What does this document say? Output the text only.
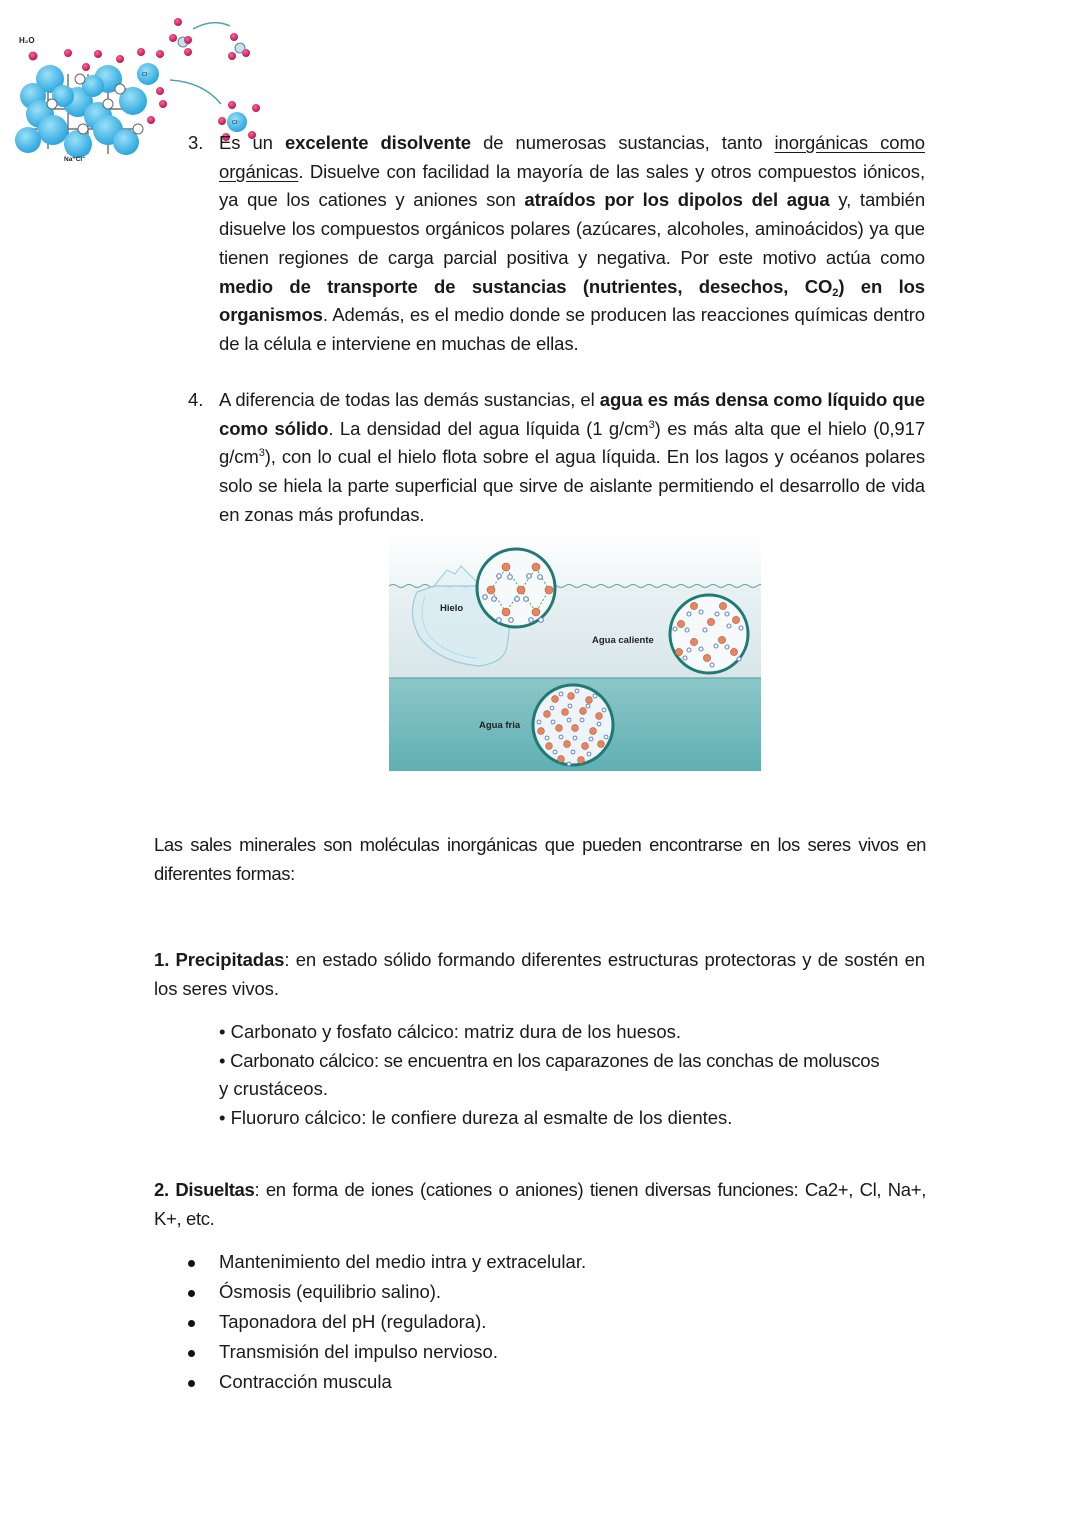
H₂O
Na⁺Cl⁻
Cl⁻
Cl⁻
3. Es un excelente disolvente de numerosas sustancias, tanto inorgánicas como orgánicas. Disuelve con facilidad la mayoría de las sales y otros compuestos iónicos, ya que los cationes y aniones son atraídos por los dipolos del agua y, también disuelve los compuestos orgánicos polares (azúcares, alcoholes, aminoácidos) ya que tienen regiones de carga parcial positiva y negativa. Por este motivo actúa como medio de transporte de sustancias (nutrientes, desechos, $CO_2$) en los organismos. Además, es el medio donde se producen las reacciones químicas dentro de la célula e interviene en muchas de ellas.
4. A diferencia de todas las demás sustancias, el agua es más densa como líquido que como sólido. La densidad del agua líquida (1 $g/cm^3$) es más alta que el hielo (0,917 $g/cm^3$), con lo cual el hielo flota sobre el agua líquida. En los lagos y océanos polares solo se hiela la parte superficial que sirve de aislante permitiendo el desarrollo de vida en zonas más profundas.
Hielo
Agua caliente
Agua fria
Las sales minerales son moléculas inorgánicas que pueden encontrarse en los seres vivos en diferentes formas:
1. Precipitadas: en estado sólido formando diferentes estructuras protectoras y de sostén en los seres vivos.
• Carbonato y fosfato cálcico: matriz dura de los huesos.
• Carbonato cálcico: se encuentra en los caparazones de las conchas de moluscos
y crustáceos.
• Fluoruro cálcico: le confiere dureza al esmalte de los dientes.
2. Disueltas: en forma de iones (cationes o aniones) tienen diversas funciones: Ca2+, Cl, Na+, K+, etc.
Mantenimiento del medio intra y extracelular.
Ósmosis (equilibrio salino).
Taponadora del pH (reguladora).
Transmisión del impulso nervioso.
Contracción muscula
